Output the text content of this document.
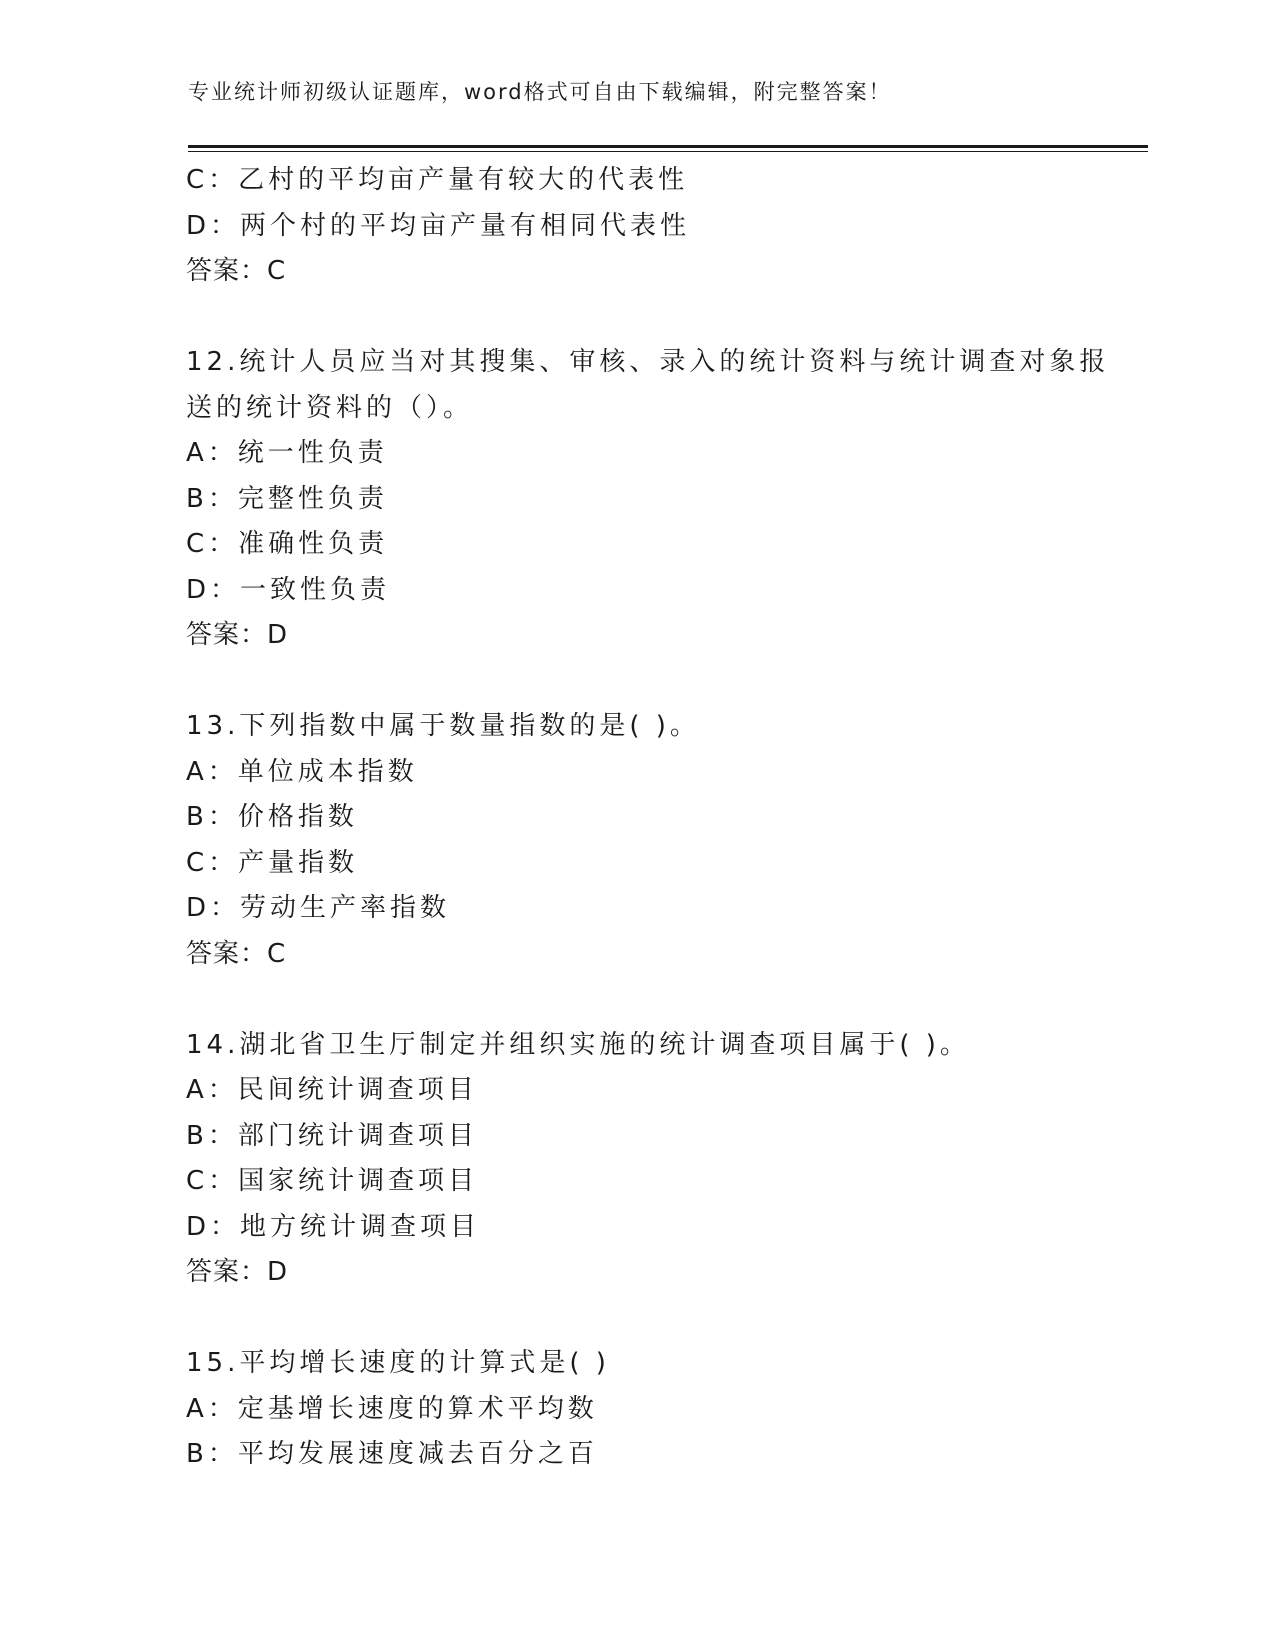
专业统计师初级认证题库，word格式可自由下载编辑，附完整答案！
C：乙村的平均亩产量有较大的代表性
D：两个村的平均亩产量有相同代表性
答案：C
12.统计人员应当对其搜集、审核、录入的统计资料与统计调查对象报
送的统计资料的（）。
A：统一性负责
B：完整性负责
C：准确性负责
D：一致性负责
答案：D
13.下列指数中属于数量指数的是( )。
A：单位成本指数
B：价格指数
C：产量指数
D：劳动生产率指数
答案：C
14.湖北省卫生厅制定并组织实施的统计调查项目属于( )。
A：民间统计调查项目
B：部门统计调查项目
C：国家统计调查项目
D：地方统计调查项目
答案：D
15.平均增长速度的计算式是( )
A：定基增长速度的算术平均数
B：平均发展速度减去百分之百
